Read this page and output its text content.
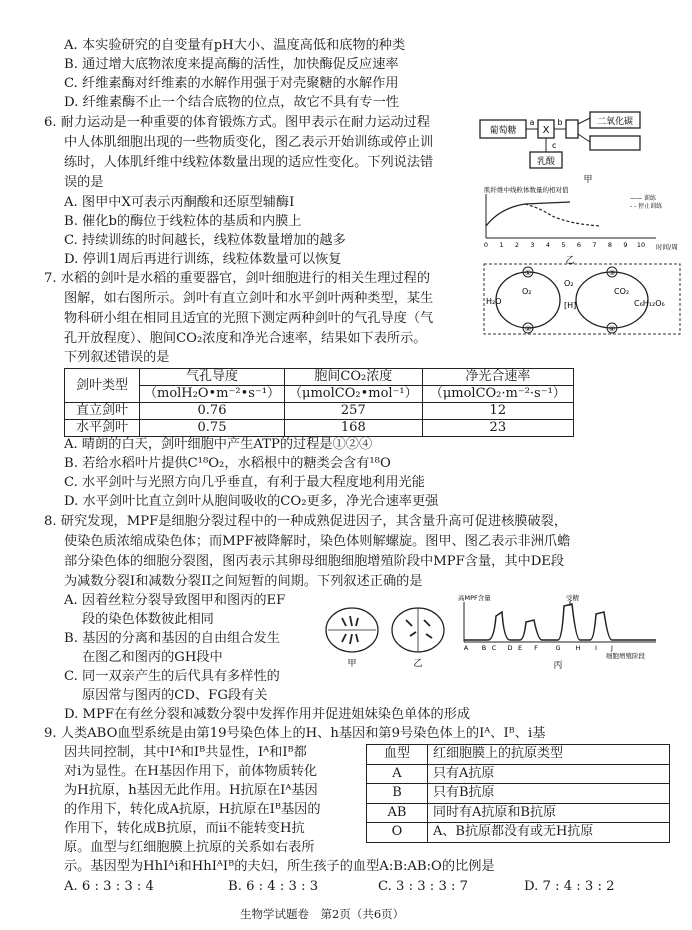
A. 本实验研究的自变量有pH大小、温度高低和底物的种类
B. 通过增大底物浓度来提高酶的活性，加快酶促反应速率
C. 纤维素酶对纤维素的水解作用强于对壳聚糖的水解作用
D. 纤维素酶不止一个结合底物的位点，故它不具有专一性
6. 耐力运动是一种重要的体育锻炼方式。图甲表示在耐力运动过程
中人体肌细胞出现的一些物质变化，图乙表示开始训练或停止训
练时，人体肌纤维中线粒体数量出现的适应性变化。下列说法错
误的是
A. 图甲中X可表示丙酮酸和还原型辅酶I
B. 催化b的酶位于线粒体的基质和内膜上
C. 持续训练的时间越长，线粒体数量增加的越多
D. 停训1周后再进行训练，线粒体数量可以恢复
葡萄糖
a
X
b	二氧化碳
c
乳酸
甲
肌纤维中线粒体数量的相对值
—— 训练
- - 停止训练
0 1 2 3 4 5 6 7 8 9 10 时间/周
乙
7. 水稻的剑叶是水稻的重要器官，剑叶细胞进行的相关生理过程的
图解，如右图所示。剑叶有直立剑叶和水平剑叶两种类型，某生
物科研小组在相同且适宜的光照下测定两种剑叶的气孔导度（气
孔开放程度）、胞间CO₂浓度和净光合速率，结果如下表所示。
下列叙述错误的是
①
②
③
④
H₂O
O₂
O₂
[H]
CO₂
C₆H₁₂O₆
剑叶类型	气孔导度	胞间CO₂浓度	净光合速率
	（molH₂O•m⁻²•s⁻¹）	（μmolCO₂•mol⁻¹）	（μmolCO₂·m⁻²·s⁻¹）
直立剑叶	0.76	257	12
水平剑叶	0.75	168	23
A. 晴朗的白天，剑叶细胞中产生ATP的过程是①②④
B. 若给水稻叶片提供C¹⁸O₂，水稻根中的糖类会含有¹⁸O
C. 水平剑叶与光照方向几乎垂直，有利于最大程度地利用光能
D. 水平剑叶比直立剑叶从胞间吸收的CO₂更多，净光合速率更强
8. 研究发现，MPF是细胞分裂过程中的一种成熟促进因子，其含量升高可促进核膜破裂，
使染色质浓缩成染色体；而MPF被降解时，染色体则解螺旋。图甲、图乙表示非洲爪蟾
部分染色体的细胞分裂图，图丙表示其卵母细胞细胞增殖阶段中MPF含量，其中DE段
为减数分裂I和减数分裂II之间短暂的间期。下列叙述正确的是
A. 因着丝粒分裂导致图甲和图丙的EF
段的染色体数彼此相同
B. 基因的分离和基因的自由组合发生
在图乙和图丙的GH段中
C. 同一双亲产生的后代具有多样性的
原因常与图丙的CD、FG段有关
D. MPF在有丝分裂和减数分裂中发挥作用并促进姐妹染色单体的形成
甲	乙
高MPF含量	受精
A B C D E F	G H I J
细胞增殖阶段
丙
9. 人类ABO血型系统是由第19号染色体上的H、h基因和第9号染色体上的Iᴬ、Iᴮ、i基
因共同控制，其中Iᴬ和Iᴮ共显性，Iᴬ和Iᴮ都
对i为显性。在H基因作用下，前体物质转化
为H抗原，h基因无此作用。H抗原在Iᴬ基因
的作用下，转化成A抗原，H抗原在Iᴮ基因的
作用下，转化成B抗原，而ii不能转变H抗
原。血型与红细胞膜上抗原的关系如右表所
示。基因型为HhIᴬi和HhIᴬIᴮ的夫妇，所生孩子的血型A:B:AB:O的比例是
血型	红细胞膜上的抗原类型
A	只有A抗原
B	只有B抗原
AB	同时有A抗原和B抗原
O	A、B抗原都没有或无H抗原
A. 6 : 3 : 3 : 4	B. 6 : 4 : 3 : 3	C. 3 : 3 : 3 : 7	D. 7 : 4 : 3 : 2
生物学试题卷　第2页（共6页）
